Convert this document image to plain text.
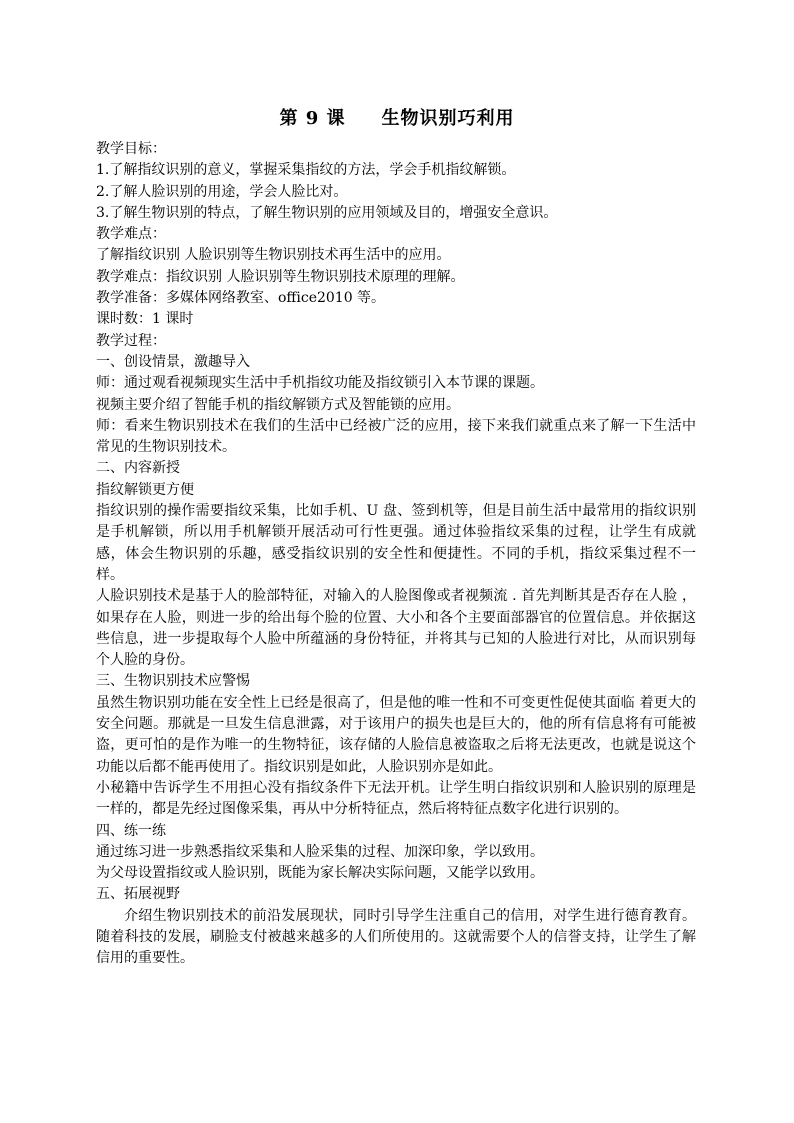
第 9 课 生物识别巧利用

教学目标：

1.了解指纹识别的意义，掌握采集指纹的方法，学会手机指纹解锁。

2.了解人脸识别的用途，学会人脸比对。

3.了解生物识别的特点，了解生物识别的应用领域及目的，增强安全意识。

教学难点：

了解指纹识别 人脸识别等生物识别技术再生活中的应用。

教学难点：指纹识别 人脸识别等生物识别技术原理的理解。

教学准备：多媒体网络教室、office2010 等。

课时数：1 课时

教学过程：

一、创设情景，激趣导入

师：通过观看视频现实生活中手机指纹功能及指纹锁引入本节课的课题。

视频主要介绍了智能手机的指纹解锁方式及智能锁的应用。

师：看来生物识别技术在我们的生活中已经被广泛的应用，接下来我们就重点来了解一下生活中常见的生物识别技术。

二、内容新授

指纹解锁更方便

指纹识别的操作需要指纹采集，比如手机、U 盘、签到机等，但是目前生活中最常用的指纹识别是手机解锁，所以用手机解锁开展活动可行性更强。通过体验指纹采集的过程，让学生有成就感，体会生物识别的乐趣，感受指纹识别的安全性和便捷性。不同的手机，指纹采集过程不一样。

人脸识别技术是基于人的脸部特征，对输入的人脸图像或者视频流 . 首先判断其是否存在人脸 ， 如果存在人脸，则进一步的给出每个脸的位置、大小和各个主要面部器官的位置信息。并依据这些信息，进一步提取每个人脸中所蕴涵的身份特征，并将其与已知的人脸进行对比，从而识别每个人脸的身份。

三、生物识别技术应警惕

虽然生物识别功能在安全性上已经是很高了，但是他的唯一性和不可变更性促使其面临 着更大的安全问题。那就是一旦发生信息泄露，对于该用户的损失也是巨大的，他的所有信息将有可能被盗，更可怕的是作为唯一的生物特征，该存储的人脸信息被盗取之后将无法更改，也就是说这个功能以后都不能再使用了。指纹识别是如此，人脸识别亦是如此。

小秘籍中告诉学生不用担心没有指纹条件下无法开机。让学生明白指纹识别和人脸识别的原理是一样的，都是先经过图像采集，再从中分析特征点，然后将特征点数字化进行识别的。

四、练一练

通过练习进一步熟悉指纹采集和人脸采集的过程、加深印象，学以致用。

为父母设置指纹或人脸识别，既能为家长解决实际问题，又能学以致用。

五、拓展视野

介绍生物识别技术的前沿发展现状，同时引导学生注重自己的信用，对学生进行德育教育。随着科技的发展，刷脸支付被越来越多的人们所使用的。这就需要个人的信誉支持，让学生了解信用的重要性。
